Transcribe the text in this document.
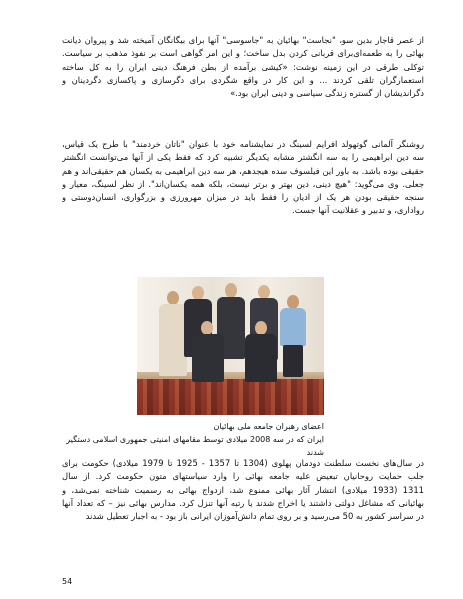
از عصر قاجار بدین سو، "نجاست" بهائیان به "جاسوسی" آنها برای بیگانگان آمیخته شد و پیروان دیانت
بهائی را به طعمه‌ای‌برای قربانی کردن بدل ساخت؛ و این امر گواهی است بر نفوذ مذهب بر سیاست.
توکلی طرقی در این زمینه نوشت: «کیشی برآمده از بطن فرهنگ دینی ایران را به کل ساخته
استعمارگران تلقی کردند ... و این کار در واقع شگردی برای دگرسازی و پاکسازی دگردینان و
دگراندیشان از گستره زندگی سیاسی و دینی ایران بود.»

روشنگر آلمانی گوتهولد افرایم لسینگ در نمایشنامه خود با عنوان "ناتان خردمند" با طرح یک قیاس،
سه دین ابراهیمی را به سه انگشتر مشابه یکدیگر تشبیه کرد که فقط یکی از آنها می‌توانست انگشتر
حقیقی بوده باشد. به باور این فیلسوف سده هیجدهم، هر سه دین ابراهیمی به یکسان هم حقیقی‌اند و هم
جعلی. وی می‌گوید: "هیچ دینی، دین بهتر و برتر نیست، بلکه همه یکسان‌اند". از نظر لسینگ، معیار و
سنجه حقیقی بودن هر یک از ادیان را فقط باید در میزان مهرورزی و بزرگواری، انسان‌دوستی و
رواداری، و تدبیر و عقلانیت آنها جست.

اعضای رهبران جامعه ملی بهائیان
ایران که در سه 2008 میلادی توسط مقامهای امنیتی جمهوری اسلامی دستگیر شدند

در سال‌های نخست سلطنت دودمان پهلوی (1304 تا 1357 - 1925 تا 1979 میلادی) حکومت برای
جلب حمایت روحانیان تبعیض علیه جامعه بهائی را وارد سیاستهای متون حکومت کرد. از سال
1311 (1933 میلادی) انتشار آثار بهائی ممنوع شد، ازدواج بهائی به رسمیت شناخته نمی‌شد، و
بهائیانی که مشاغل دولتی داشتند یا اخراج شدند یا رتبه آنها تنزل کرد. مدارس بهائی نیز – که تعداد آنها
در سراسر کشور به 50 می‌رسید و بر روی تمام دانش‌آموزان ایرانی باز بود - به اجبار تعطیل شدند

54
